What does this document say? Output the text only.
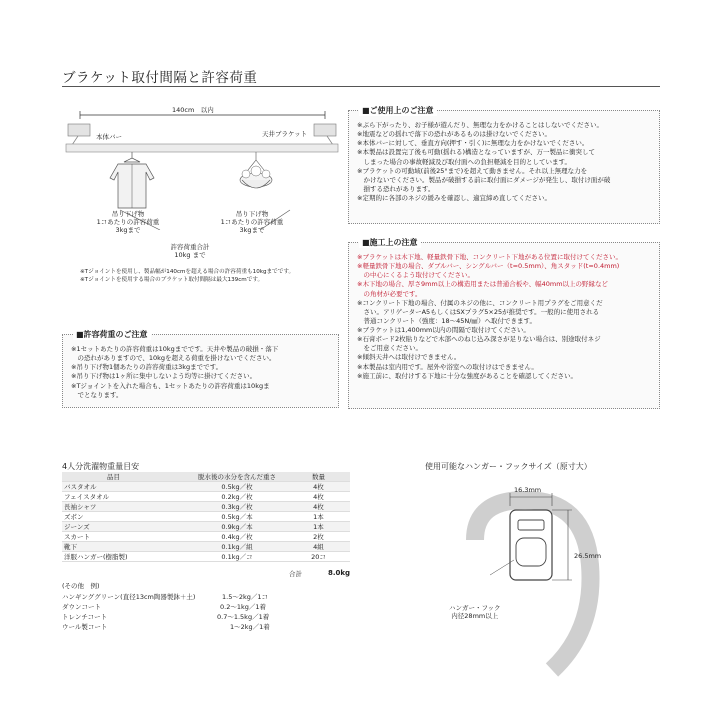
ブラケット取付間隔と許容荷重
140cm　以内
本体バー	天井ブラケット
吊り下げ物
1コあたりの許容荷重
3kgまで
吊り下げ物
1コあたりの許容荷重
3kgまで
許容荷重合計
10kg まで
※Tジョイントを使用し、製品幅が140cmを超える場合の許容荷重も10kgまでです。
※Tジョイントを使用する場合のブラケット取付間隔は最大139cmです。
■許容荷重のご注意
※1セットあたりの許容荷重は10kgまでです。天井や製品の破損・落下
　の恐れがありますので、10kgを超える荷重を掛けないでください。
※吊り下げ物1個あたりの許容荷重は3kgまでです。
※吊り下げ物は1ヶ所に集中しないよう均等に掛けてください。
※Tジョイントを入れた場合も、1セットあたりの許容荷重は10kgま
　でとなります。
■ご使用上のご注意
※ぶら下がったり、お子様が遊んだり、無理な力をかけることはしないでください。
※地震などの揺れで落下の恐れがあるものは掛けないでください。
※本体バーに対して、垂直方向(押す・引く)に無理な力をかけないでください。
※本製品は設置完了後も可動(揺れる)構造となっていますが、万一製品に衝突して
　しまった場合の事故軽減及び取付面への負担軽減を目的としています。
※ブラケットの可動域(前後25°まで)を超えて動きません。それ以上無理な力を
　かけないでください。製品が破損する前に取付面にダメージが発生し、取付け面が破
　損する恐れがあります。
※定期的に各部のネジの緩みを確認し、適宜締め直してください。
■施工上の注意
※ブラケットは木下地、軽量鉄骨下地、コンクリート下地がある位置に取付けてください。
※軽量鉄骨下地の場合、ダブルバー、シングルバー（t=0.5mm）、角スタッド(t=0.4mm)
　の中心にくるよう取付けてください。
※木下地の場合、厚さ9mm以上の構造用または普通合板や、幅40mm以上の野縁など
　の角材が必要です。
※コンクリート下地の場合、付属のネジの他に、コンクリート用プラグをご用意くだ
　さい。アリゲーターA5もしくはSXプラグ5×25が推奨です。一般的に使用される
　普通コンクリート（強度：18〜45N/㎟）へ取付できます。
※ブラケットは1,400mm以内の間隔で取付けてください。
※石膏ボード2枚貼りなどで木部へのねじ込み深さが足りない場合は、別途取付ネジ
　をご用意ください。
※傾斜天井へは取付けできません。
※本製品は室内用です。屋外や浴室への取付けはできません。
※施工前に、取付けする下地に十分な強度があることを確認してください。
4人分洗濯物重量目安
品目	脱水後の水分を含んだ重さ	数量
バスタオル	0.5kg／枚	4枚
フェイスタオル	0.2kg／枚	4枚
長袖シャツ	0.3kg／枚	4枚
ズボン	0.5kg／本	1本
ジーンズ	0.9kg／本	1本
スカート	0.4kg／枚	2枚
靴下	0.1kg／組	4組
洋服ハンガー(樹脂製)	0.1kg／コ	20コ
合計	8.0kg
(その他　例)
ハンギンググリーン(直径13cm陶器製鉢＋土)	1.5〜2kg／1コ
ダウンコート	0.2〜1kg／1着
トレンチコート	0.7〜1.5kg／1着
ウール製コート	1〜2kg／1着
使用可能なハンガー・フックサイズ（原寸大）
16.3mm
26.5mm
ハンガー・フック
内径28mm以上
